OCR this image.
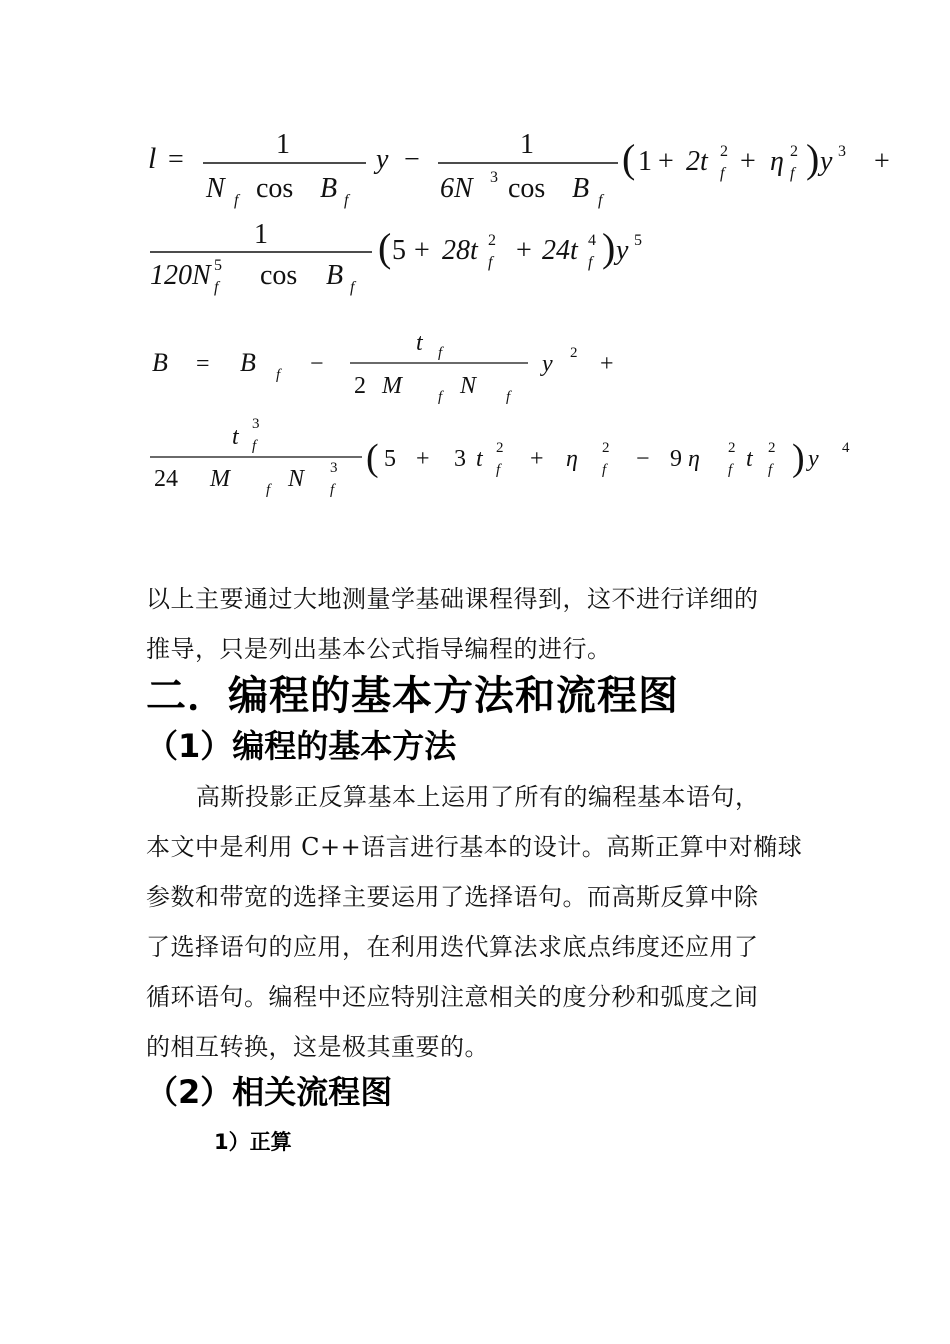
l =	1
N f cos B f
y −	1
6N 3 cos B f
( 1 + 2t 2
f + η 2
f ) y 3 +
1
120N 5
f cos B f
( 5 + 28t 2
f + 24t 4
f ) y 5
B = B f −
t f
2 M f N f
y 2 +
t 3
f
24 M f N 3
f
( 5 + 3 t 2
f + η 2
f − 9 η 2
f t 2
f ) y 4
以上主要通过大地测量学基础课程得到，这不进行详细的
推导，只是列出基本公式指导编程的进行。
二．编程的基本方法和流程图
（1）编程的基本方法
高斯投影正反算基本上运用了所有的编程基本语句，
本文中是利用 C++语言进行基本的设计。高斯正算中对椭球
参数和带宽的选择主要运用了选择语句。而高斯反算中除
了选择语句的应用，在利用迭代算法求底点纬度还应用了
循环语句。编程中还应特别注意相关的度分秒和弧度之间
的相互转换，这是极其重要的。
（2）相关流程图
1）正算
